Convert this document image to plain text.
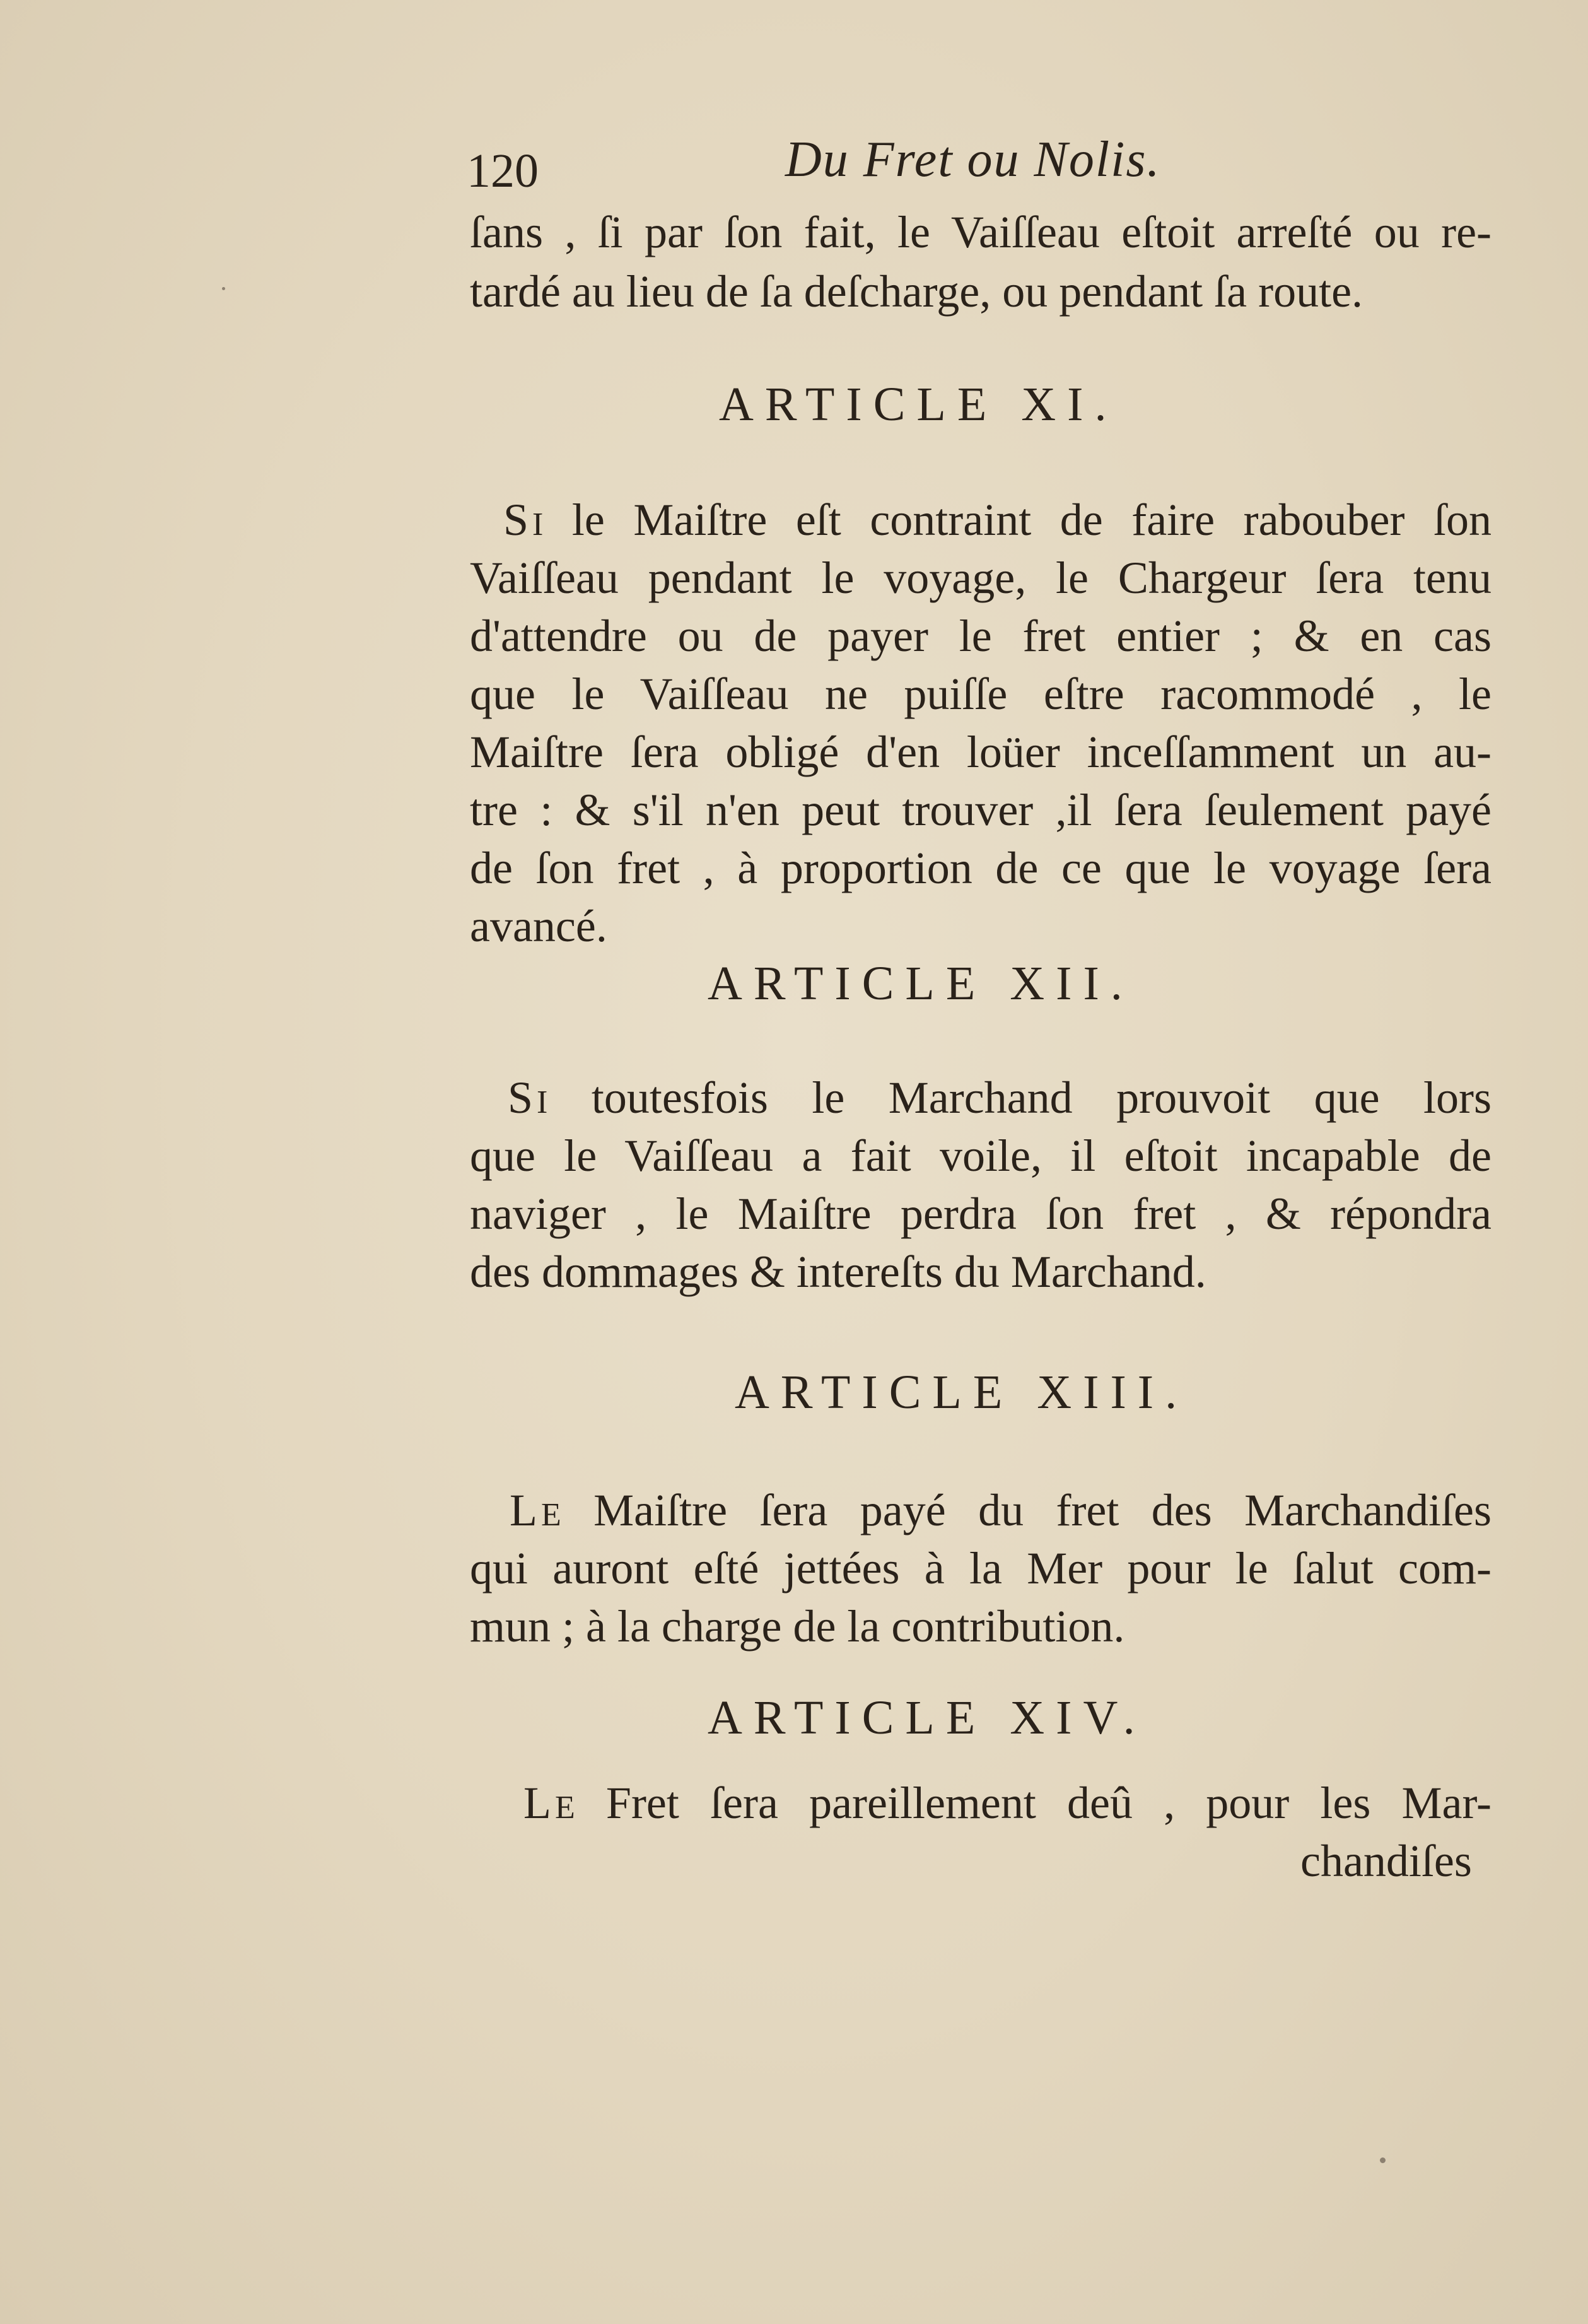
120	Du Fret ou Nolis.
ſans , ſi par ſon fait, le Vaiſſeau eſtoit arreſté ou re-
tardé au lieu de ſa deſcharge, ou pendant ſa route.
ARTICLE XI.
SI le Maiſtre eſt contraint de faire rabouber ſon
Vaiſſeau pendant le voyage, le Chargeur ſera tenu
d'attendre ou de payer le fret entier ; & en cas
que le Vaiſſeau ne puiſſe eſtre racommodé , le
Maiſtre ſera obligé d'en loüer inceſſamment un au-
tre : & s'il n'en peut trouver ,il ſera ſeulement payé
de ſon fret , à proportion de ce que le voyage ſera
avancé.
ARTICLE XII.
SI toutesfois le Marchand prouvoit que lors
que le Vaiſſeau a fait voile, il eſtoit incapable de
naviger , le Maiſtre perdra ſon fret , & répondra
des dommages & intereſts du Marchand.
ARTICLE XIII.
LE Maiſtre ſera payé du fret des Marchandiſes
qui auront eſté jettées à la Mer pour le ſalut com-
mun ; à la charge de la contribution.
ARTICLE XIV.
LE Fret ſera pareillement deû , pour les Mar-
chandiſes
